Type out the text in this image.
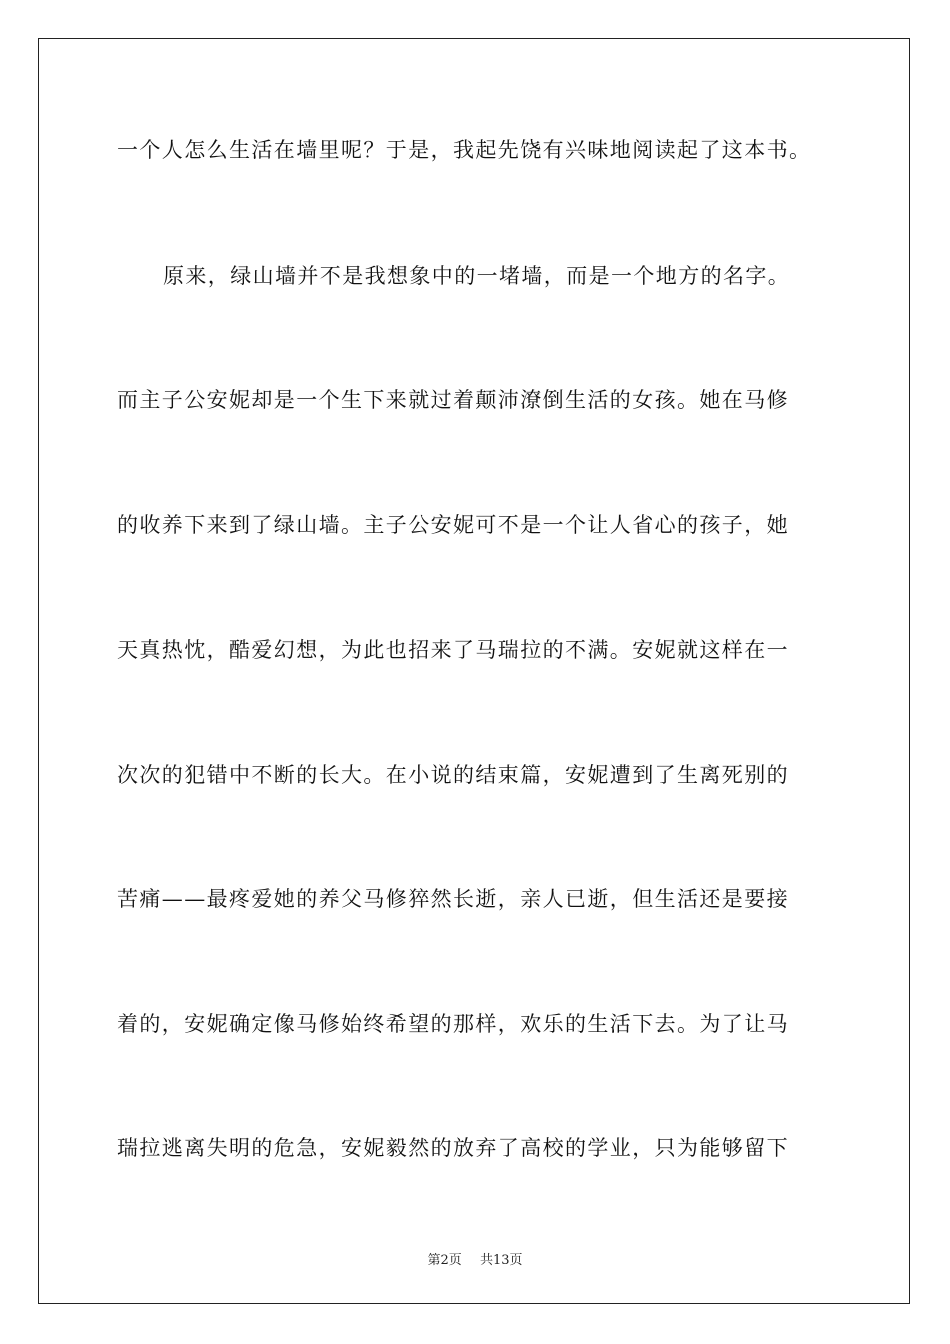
一个人怎么生活在墙里呢？于是，我起先饶有兴味地阅读起了这本书。

原来，绿山墙并不是我想象中的一堵墙，而是一个地方的名字。

而主子公安妮却是一个生下来就过着颠沛潦倒生活的女孩。她在马修

的收养下来到了绿山墙。主子公安妮可不是一个让人省心的孩子，她

天真热忱，酷爱幻想，为此也招来了马瑞拉的不满。安妮就这样在一

次次的犯错中不断的长大。在小说的结束篇，安妮遭到了生离死别的

苦痛——最疼爱她的养父马修猝然长逝，亲人已逝，但生活还是要接

着的，安妮确定像马修始终希望的那样，欢乐的生活下去。为了让马

瑞拉逃离失明的危急，安妮毅然的放弃了高校的学业，只为能够留下

第2页 共13页
